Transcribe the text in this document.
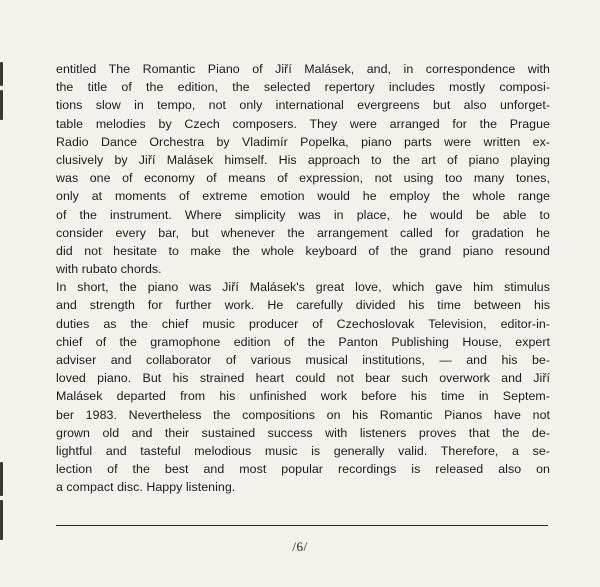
entitled The Romantic Piano of Jiří Malásek, and, in correspondence with
the title of the edition, the selected repertory includes mostly composi-
tions slow in tempo, not only international evergreens but also unforget-
table melodies by Czech composers. They were arranged for the Prague
Radio Dance Orchestra by Vladimír Popelka, piano parts were written ex-
clusively by Jiří Malásek himself. His approach to the art of piano playing
was one of economy of means of expression, not using too many tones,
only at moments of extreme emotion would he employ the whole range
of the instrument. Where simplicity was in place, he would be able to
consider every bar, but whenever the arrangement called for gradation he
did not hesitate to make the whole keyboard of the grand piano resound
with rubato chords.
In short, the piano was Jiří Malásek's great love, which gave him stimulus
and strength for further work. He carefully divided his time between his
duties as the chief music producer of Czechoslovak Television, editor-in-
chief of the gramophone edition of the Panton Publishing House, expert
adviser and collaborator of various musical institutions, — and his be-
loved piano. But his strained heart could not bear such overwork and Jiří
Malásek departed from his unfinished work before his time in Septem-
ber 1983. Nevertheless the compositions on his Romantic Pianos have not
grown old and their sustained success with listeners proves that the de-
lightful and tasteful melodious music is generally valid. Therefore, a se-
lection of the best and most popular recordings is released also on
a compact disc. Happy listening.
/6/
